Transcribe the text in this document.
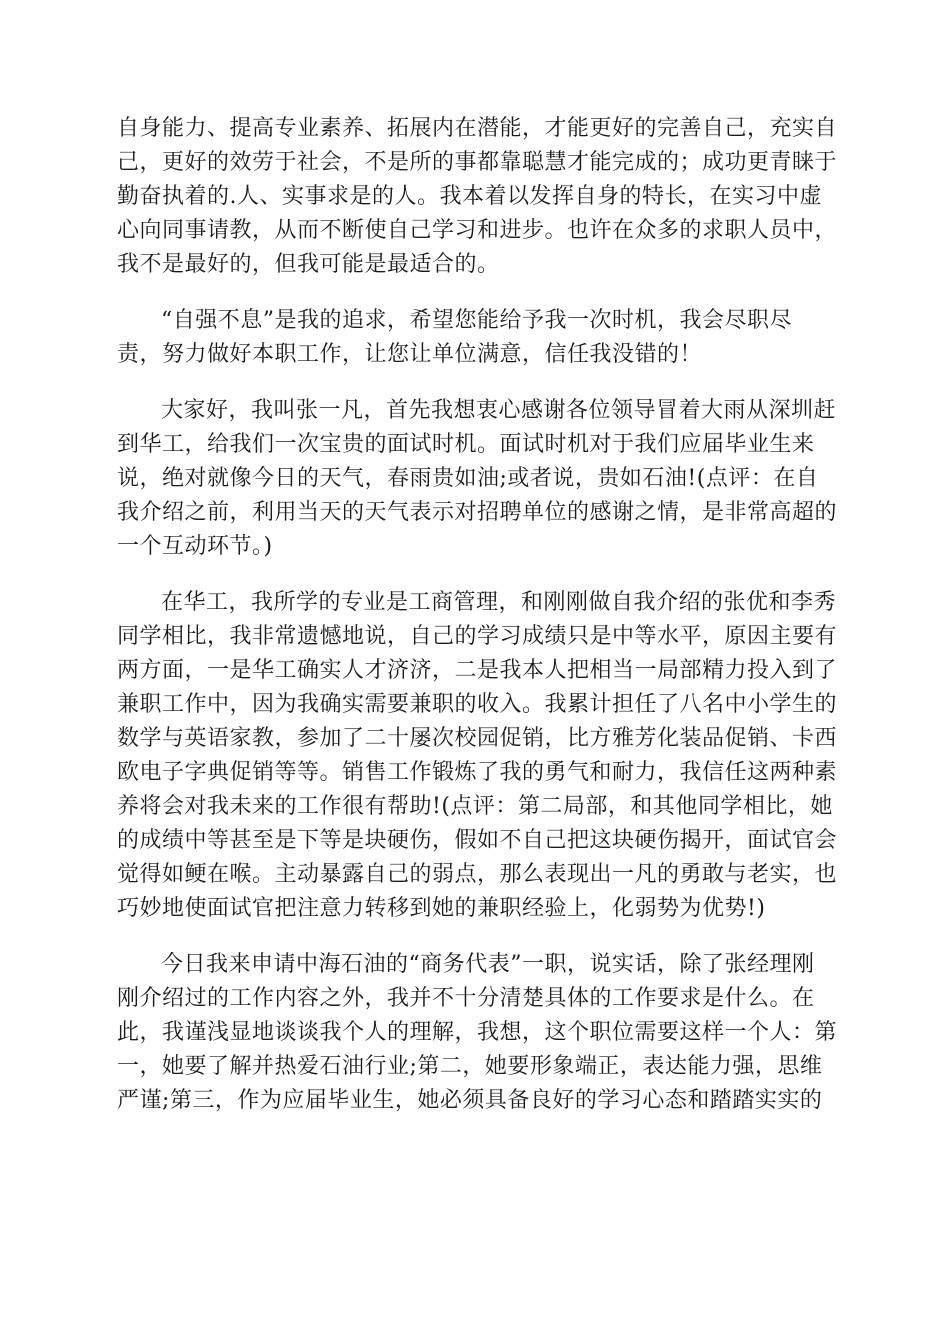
自身能力、提高专业素养、拓展内在潜能，才能更好的完善自己，充实自
己，更好的效劳于社会，不是所的事都靠聪慧才能完成的；成功更青睐于
勤奋执着的.人、实事求是的人。我本着以发挥自身的特长，在实习中虚
心向同事请教，从而不断使自己学习和进步。也许在众多的求职人员中，
我不是最好的，但我可能是最适合的。

“自强不息”是我的追求，希望您能给予我一次时机，我会尽职尽
责，努力做好本职工作，让您让单位满意，信任我没错的！

大家好，我叫张一凡，首先我想衷心感谢各位领导冒着大雨从深圳赶
到华工，给我们一次宝贵的面试时机。面试时机对于我们应届毕业生来
说，绝对就像今日的天气，春雨贵如油;或者说，贵如石油!(点评：在自
我介绍之前，利用当天的天气表示对招聘单位的感谢之情，是非常高超的
一个互动环节。)

在华工，我所学的专业是工商管理，和刚刚做自我介绍的张优和李秀
同学相比，我非常遗憾地说，自己的学习成绩只是中等水平，原因主要有
两方面，一是华工确实人才济济，二是我本人把相当一局部精力投入到了
兼职工作中，因为我确实需要兼职的收入。我累计担任了八名中小学生的
数学与英语家教，参加了二十屡次校园促销，比方雅芳化装品促销、卡西
欧电子字典促销等等。销售工作锻炼了我的勇气和耐力，我信任这两种素
养将会对我未来的工作很有帮助!(点评：第二局部，和其他同学相比，她
的成绩中等甚至是下等是块硬伤，假如不自己把这块硬伤揭开，面试官会
觉得如鲠在喉。主动暴露自己的弱点，那么表现出一凡的勇敢与老实，也
巧妙地使面试官把注意力转移到她的兼职经验上，化弱势为优势!)

今日我来申请中海石油的“商务代表”一职，说实话，除了张经理刚
刚介绍过的工作内容之外，我并不十分清楚具体的工作要求是什么。在
此，我谨浅显地谈谈我个人的理解，我想，这个职位需要这样一个人：第
一，她要了解并热爱石油行业;第二，她要形象端正，表达能力强，思维
严谨;第三，作为应届毕业生，她必须具备良好的学习心态和踏踏实实的
